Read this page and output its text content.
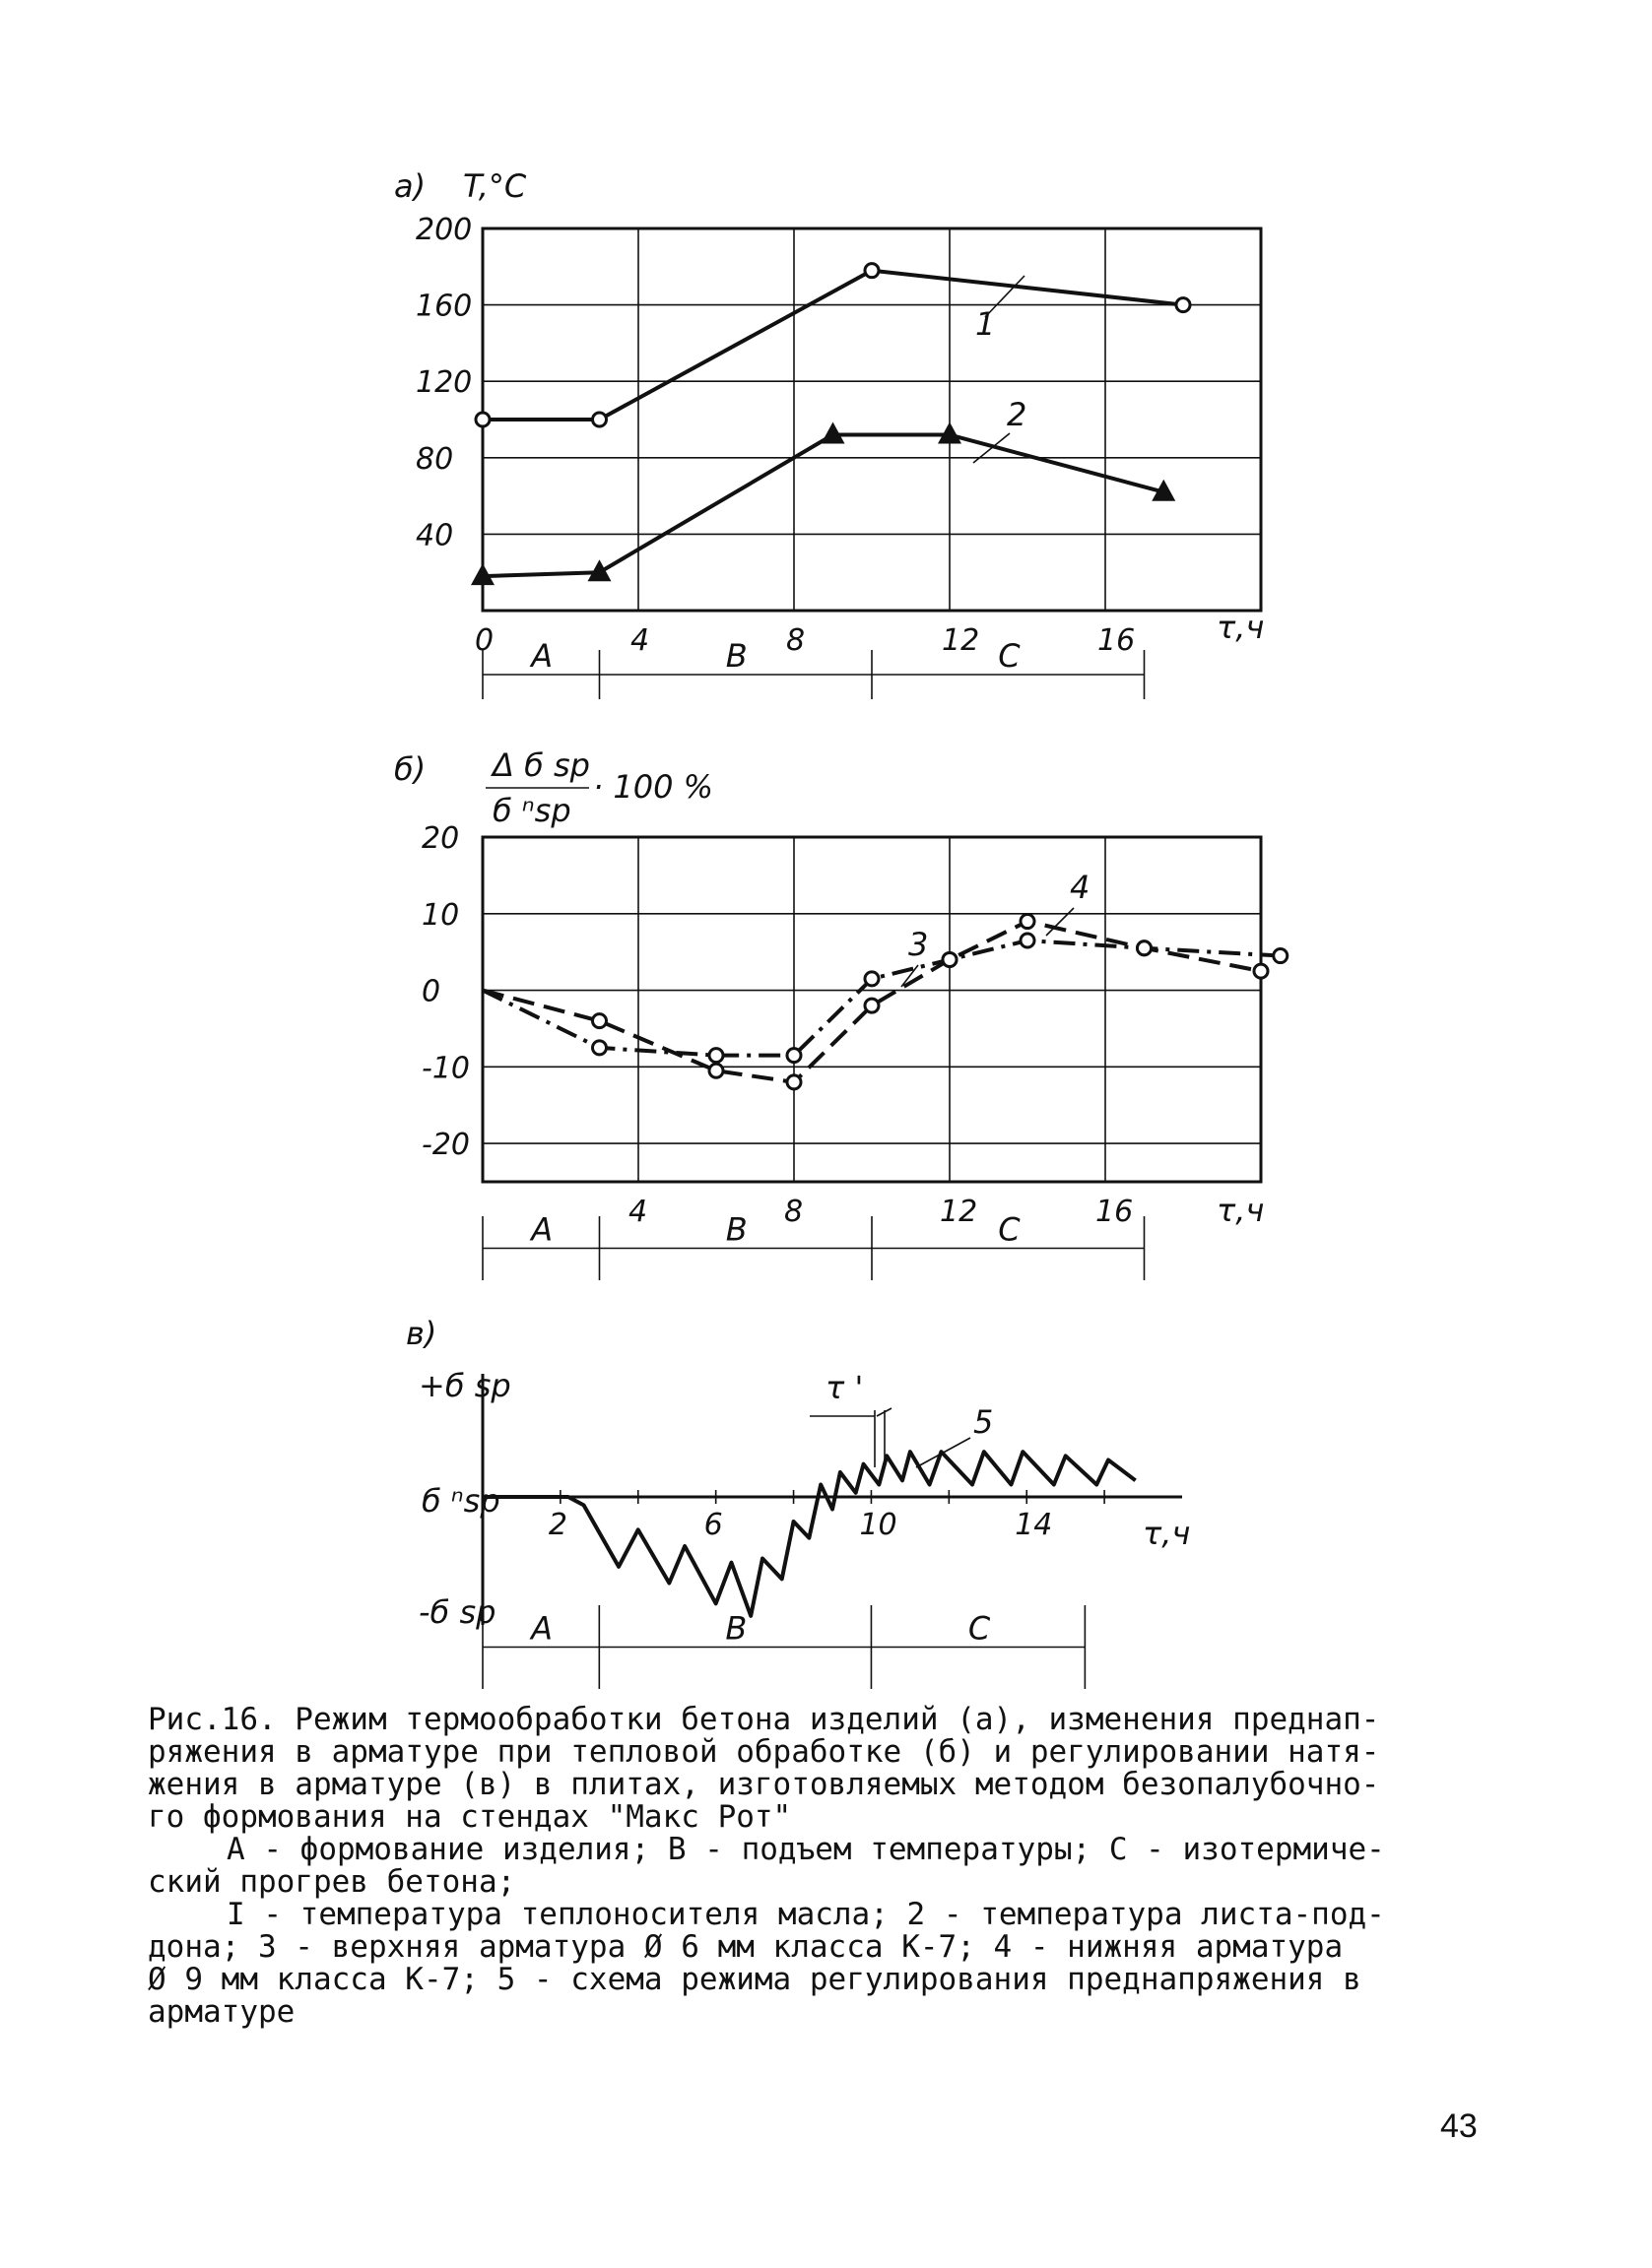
а) T,°C
τ,ч
40
80
120
160
200
0	4	8	12	16
А	В	С
1
2
б) Δ б sp
б ⁿsp
· 100 %
τ,ч
20
10
0
-10
-20
4	8	12	16
А	В	С
3
4
в)
+б sp
б ⁿsp
-б sp
τ,ч
τ '
2	6	10	14
А	В	С
5

Рис.16. Режим термообработки бетона изделий (а), изменения преднап-

ряжения в арматуре при тепловой обработке (б) и регулировании натя-

жения в арматуре (в) в плитах, изготовляемых методом безопалубочно-

го формования на стендах "Макс Рот"

А - формование изделия; В - подъем температуры; С - изотермиче-

ский прогрев бетона;

I - температура теплоносителя масла; 2 - температура листа-под-

дона; 3 - верхняя арматура Ø 6 мм класса К-7; 4 - нижняя арматура

Ø 9 мм класса К-7; 5 - схема режима регулирования преднапряжения в

арматуре

43
